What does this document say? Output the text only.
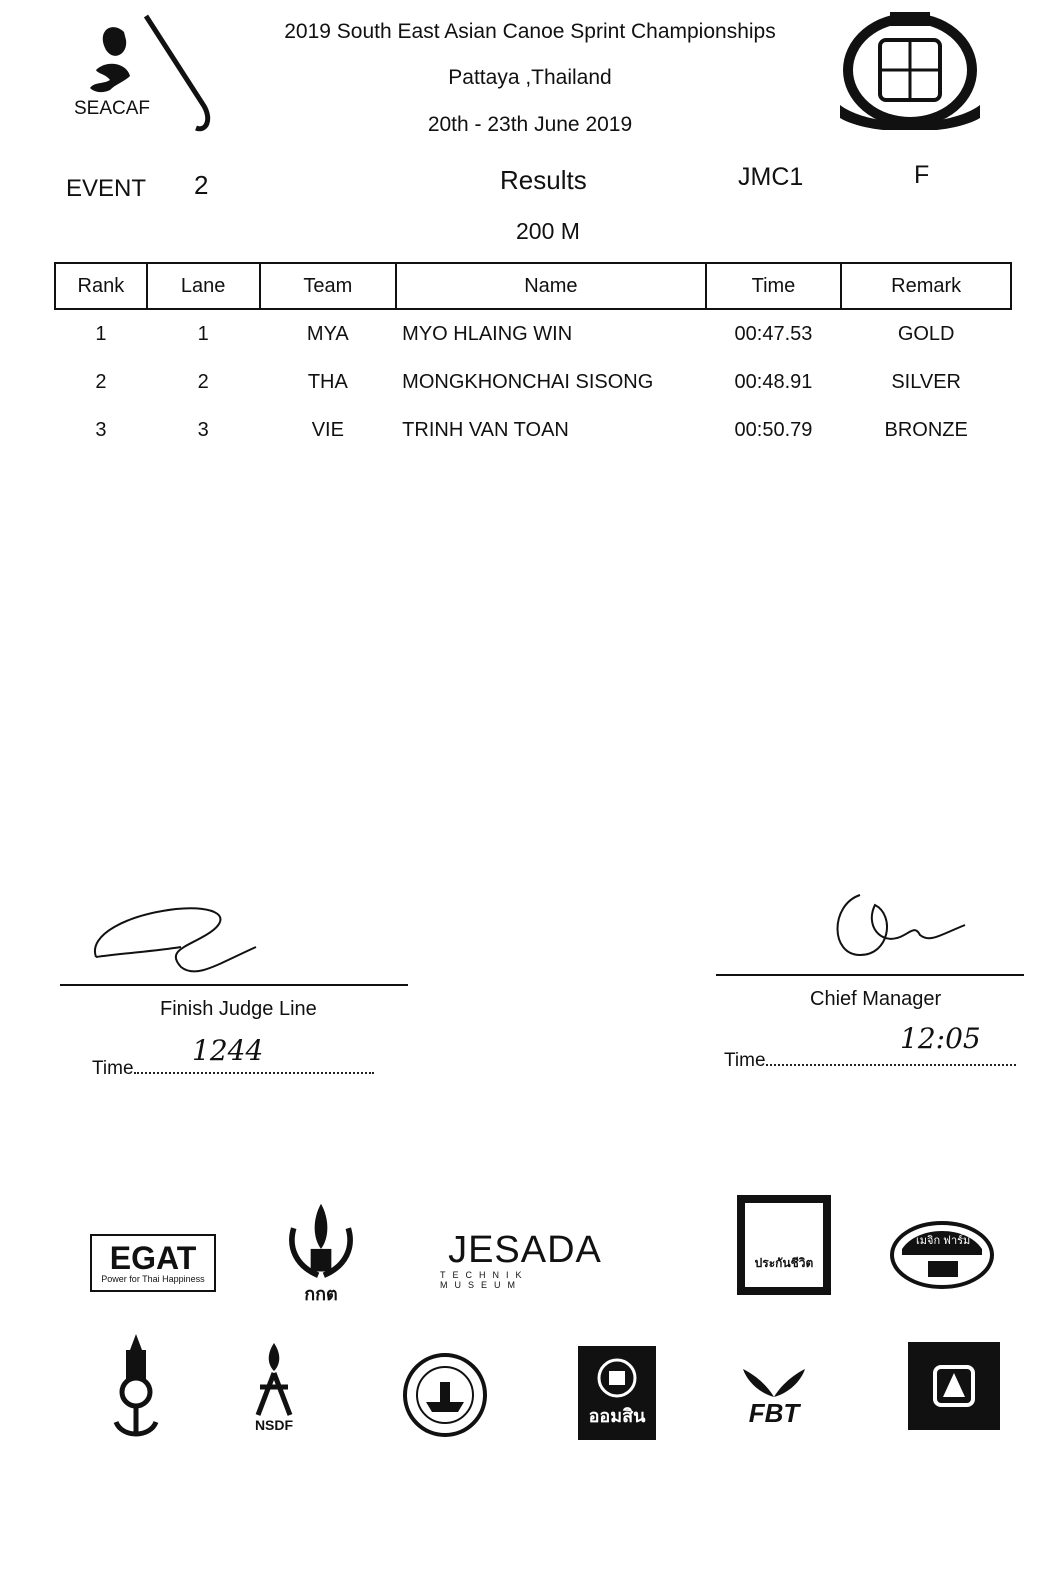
SEACAF
2019 South East Asian Canoe Sprint Championships
Pattaya ,Thailand
20th - 23th June 2019
EVENT 2	Results	JMC1	F
200 M
Rank	Lane	Team	Name	Time	Remark
1	1	MYA	MYO HLAING WIN	00:47.53	GOLD
2	2	THA	MONGKHONCHAI SISONG	00:48.91	SILVER
3	3	VIE	TRINH VAN TOAN	00:50.79	BRONZE
Finish Judge Line
Time
1244
Chief Manager
Time
12:05
EGAT
Power for Thai Happiness
กกต
JESADA
TECHNIK MUSEUM
ประกันชีวิต
เมจิก ฟาร์ม
NSDF	ออมสิน	FBT
